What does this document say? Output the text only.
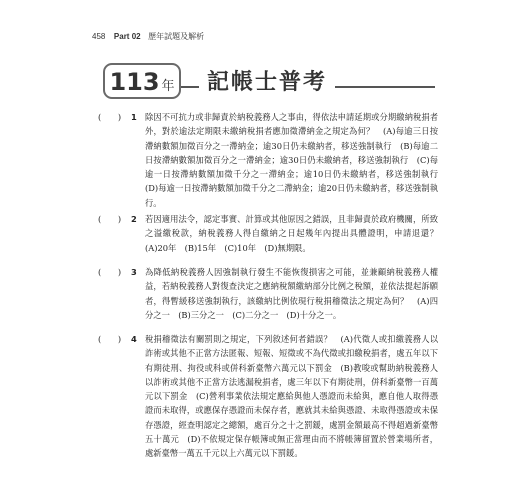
458 Part 02 歷年試題及解析
113 年	記帳士普考
(　　) 1 除因不可抗力或非歸責於納稅義務人之事由，得依法申請延期或分期繳納稅捐者外，對於逾法定期限未繳納稅捐者應加徵滯納金之規定為何？　(A)每逾三日按滯納數額加徵百分之一滯納金；逾30日仍未繳納者，移送強制執行　(B)每逾二日按滯納數額加徵百分之一滯納金；逾30日仍未繳納者，移送強制執行　(C)每逾一日按滯納數額加徵千分之一滯納金；逾10日仍未繳納者，移送強制執行　(D)每逾一日按滯納數額加徵千分之二滯納金；逾20日仍未繳納者，移送強制執行。
(　　) 2 若因適用法令，認定事實、計算或其他原因之錯誤，且非歸責於政府機關，所致之溢繳稅款，納稅義務人得自繳納之日起幾年內提出具體證明，申請退還？　(A)20年　(B)15年　(C)10年　(D)無期限。
(　　) 3 為降低納稅義務人因強制執行發生不能恢復損害之可能，並兼顧納稅義務人權益，若納稅義務人對復查決定之應納稅額繳納部分比例之稅額，並依法提起訴願者，得暫緩移送強制執行，該繳納比例依現行稅捐稽徵法之規定為何？　(A)四分之一　(B)三分之一　(C)二分之一　(D)十分之一。
(　　) 4 稅捐稽徵法有關罰則之規定，下列敘述何者錯誤？　(A)代徵人或扣繳義務人以詐術或其他不正當方法匿報、短報、短徵或不為代徵或扣繳稅捐者，處五年以下有期徒刑、拘役或科或併科新臺幣六萬元以下罰金　(B)教唆或幫助納稅義務人以詐術或其他不正當方法逃漏稅捐者，處三年以下有期徒刑，併科新臺幣一百萬元以下罰金　(C)營利事業依法規定應給與他人憑證而未給與，應自他人取得憑證而未取得，或應保存憑證而未保存者，應就其未給與憑證、未取得憑證或未保存憑證，經查明認定之總額，處百分之十之罰鍰，處罰金額最高不得超過新臺幣五十萬元　(D)不依規定保存帳簿或無正當理由而不將帳簿留置於營業場所者，處新臺幣一萬五千元以上六萬元以下罰鍰。
